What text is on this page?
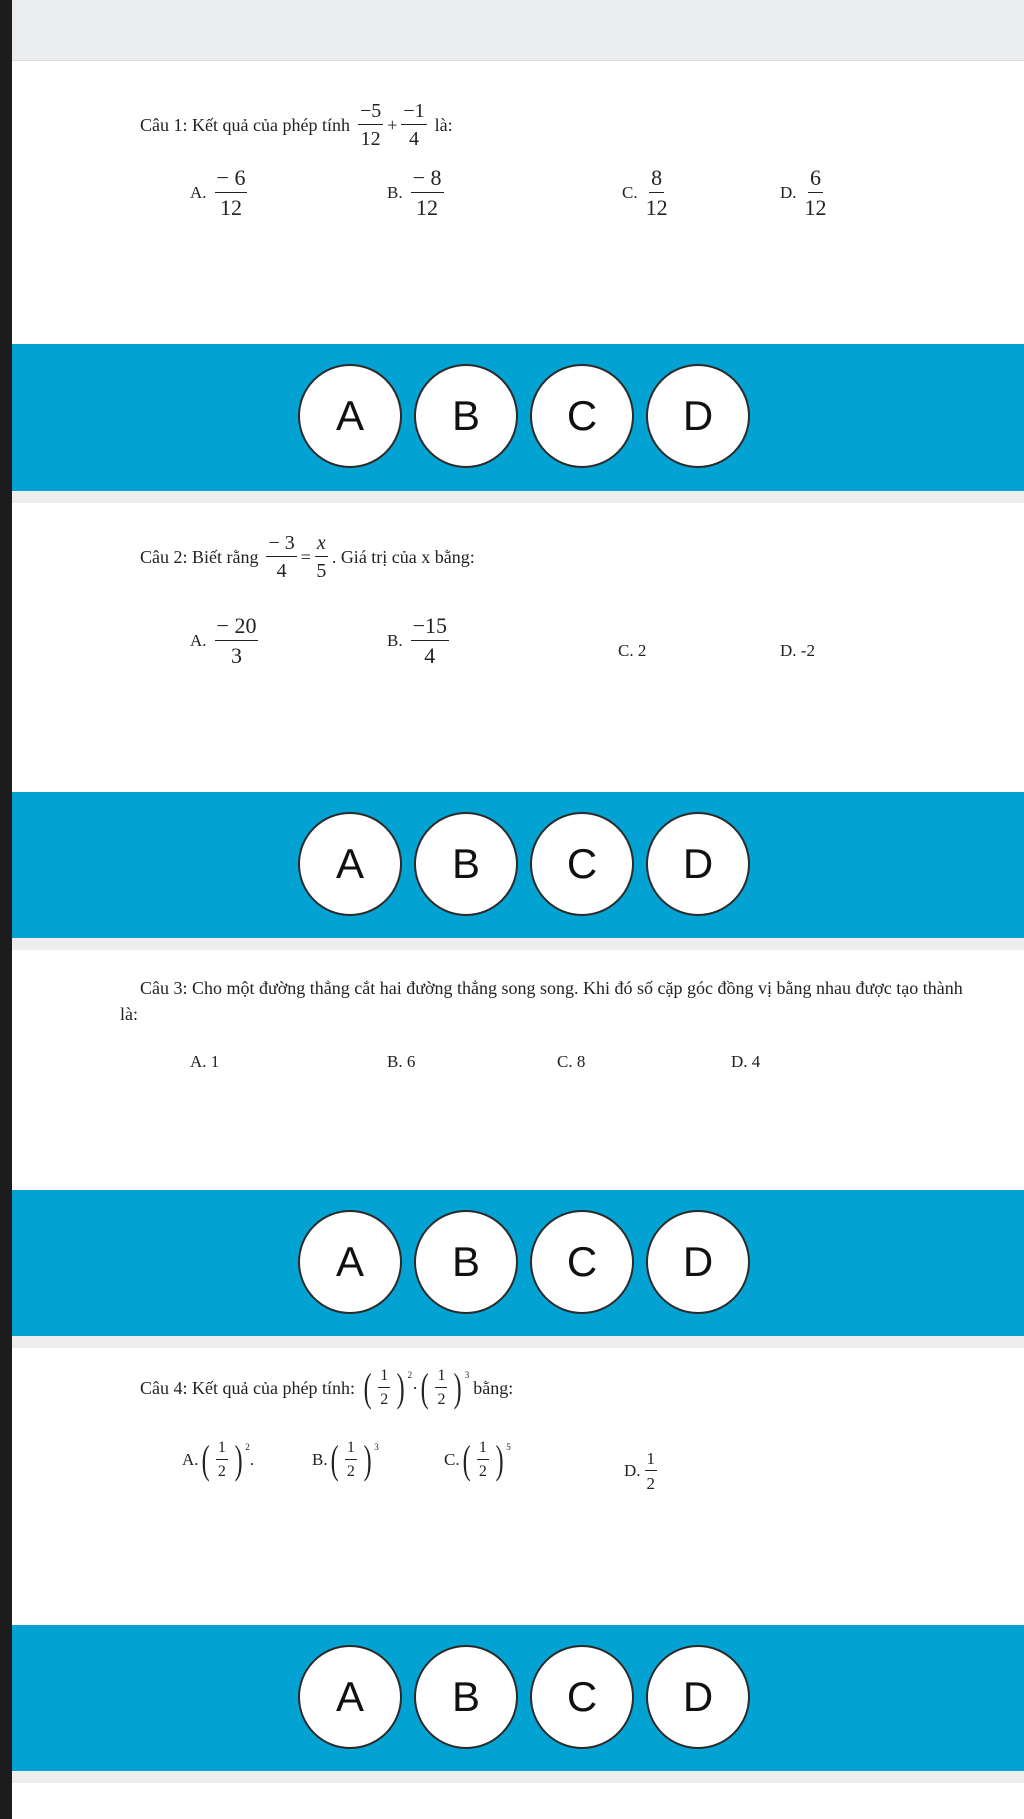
Câu 1: Kết quả của phép tính $\frac{-5}{12} + \frac{-1}{4}$ là:
A. $\frac{- 6}{12}$	B. $\frac{- 8}{12}$	C. $\frac{8}{12}$	D. $\frac{6}{12}$
A	B	C	D
Câu 2: Biết rằng $\frac{- 3}{4} = \frac{x}{5}$ . Giá trị của x bằng:
A. $\frac{- 20}{3}$	B. $\frac{-15}{4}$	C. 2	D. -2
A	B	C	D
Câu 3: Cho một đường thẳng cắt hai đường thẳng song song. Khi đó số cặp góc đồng vị bằng nhau được tạo thành là:
A. 1	B. 6	C. 8	D. 4
A	B	C	D
Câu 4: Kết quả của phép tính: ( $\frac{1}{2}$ ) 2
· ( $\frac{1}{2}$ ) 3
bằng:
A. ( $\frac{1}{2}$ ) 2
.	B. ( $\frac{1}{2}$ ) 3
C. ( $\frac{1}{2}$ ) 5
D. $\frac{1}{2}$
A	B	C	D
